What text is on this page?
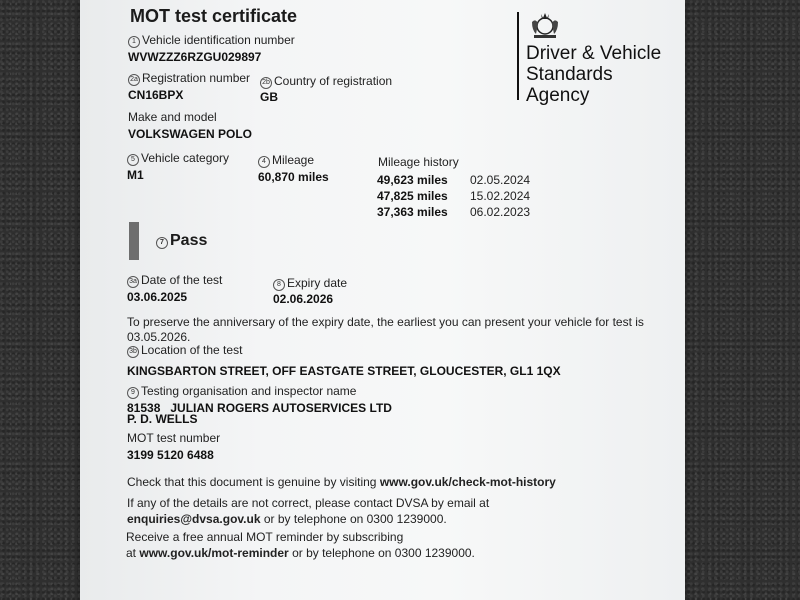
MOT test certificate
Driver & Vehicle
Standards
Agency
1 Vehicle identification number
WVWZZZ6RZGU029897
2a Registration number
CN16BPX
2b Country of registration
GB
Make and model
VOLKSWAGEN POLO
5 Vehicle category
M1
4 Mileage
60,870 miles
Mileage history
49,623 miles 02.05.2024
47,825 miles 15.02.2024
37,363 miles 06.02.2023
7 Pass
3a Date of the test
03.06.2025
8 Expiry date
02.06.2026
To preserve the anniversary of the expiry date, the earliest you can present your vehicle for test is
03.05.2026.
3b Location of the test
KINGSBARTON STREET, OFF EASTGATE STREET, GLOUCESTER, GL1 1QX
9 Testing organisation and inspector name
81538   JULIAN ROGERS AUTOSERVICES LTD
P. D. WELLS
MOT test number
3199 5120 6488
Check that this document is genuine by visiting www.gov.uk/check-mot-history
If any of the details are not correct, please contact DVSA by email at
enquiries@dvsa.gov.uk or by telephone on 0300 1239000.
Receive a free annual MOT reminder by subscribing
at www.gov.uk/mot-reminder or by telephone on 0300 1239000.
